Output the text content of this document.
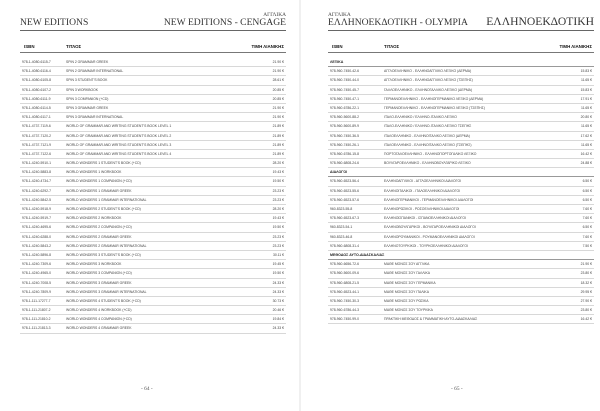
ΑΓΓΛΙΚΑ
NEW EDITIONS	NEW EDITIONS - CENGAGE
ISBN	ΤΙΤΛΟΣ	ΤΙΜΗ ΛΙΑΝΙΚΗΣ
978-1-4080-6115-7	SPIN 2 GRAMMAR GREEK	21.90 €
978-1-4080-6116-4	SPIN 2 GRAMMAR INTERNATIONAL	21.90 €
978-1-4080-6105-8	SPIN 3 STUDENT'S BOOK	28.61 €
978-1-4080-6107-2	SPIN 3 WORKBOOK	20.85 €
978-1-4080-6111-9	SPIN 3 COMPANION (+CD)	20.85 €
978-1-4080-6114-5	SPIN 3 GRAMMAR GREEK	21.90 €
978-1-4080-6117-1	SPIN 3 GRAMMAR INTERNATIONAL	21.90 €
978-1-4737-7119-6	WORLD OF GRAMMAR AND WRITING STUDENT'S BOOK LEVEL 1	21.89 €
978-1-4737-7120-2	WORLD OF GRAMMAR AND WRITING STUDENT'S BOOK LEVEL 2	21.89 €
978-1-4737-7121-9	WORLD OF GRAMMAR AND WRITING STUDENT'S BOOK LEVEL 3	21.89 €
978-1-4737-7122-6	WORLD OF GRAMMAR AND WRITING STUDENT'S BOOK LEVEL 4	21.89 €
978-1-4240-5910-1	WORLD WONDERS 1 STUDENT'S BOOK (+CD)	28.20 €
978-1-4240-5883-8	WORLD WONDERS 1 WORKBOOK	19.43 €
978-1-4240-4734-7	WORLD WONDERS 1 COMPANION (+CD)	19.50 €
978-1-4240-6292-7	WORLD WONDERS 1 GRAMMAR GREEK	23.23 €
978-1-4240-5842-5	WORLD WONDERS 1 GRAMMAR INTERNATIONAL	23.23 €
978-1-4240-5918-9	WORLD WONDERS 2 STUDENT'S BOOK (+CD)	28.20 €
978-1-4240-5919-7	WORLD WONDERS 2 WORKBOOK	19.43 €
978-1-4240-4695-6	WORLD WONDERS 2 COMPANION (+CD)	19.50 €
978-1-4240-6288-0	WORLD WONDERS 2 GRAMMAR GREEK	23.23 €
978-1-4240-5843-2	WORLD WONDERS 2 GRAMMAR INTERNATIONAL	23.23 €
978-1-4240-5896-8	WORLD WONDERS 3 STUDENT'S BOOK (+CD)	30.11 €
978-1-4240-7309-6	WORLD WONDERS 3 WORKBOOK	19.45 €
978-1-4240-4965-0	WORLD WONDERS 3 COMPANION (+CD)	19.50 €
978-1-4240-7008-5	WORLD WONDERS 3 GRAMMAR GREEK	24.33 €
978-1-4240-7809-9	WORLD WONDERS 3 GRAMMAR INTERNATIONAL	24.33 €
978-1-111-17277-7	WORLD WONDERS 4 STUDENT'S BOOK (+CD)	30.73 €
978-1-111-21807-2	WORLD WONDERS 4 WORKBOOK (+CD)	20.46 €
978-1-111-21810-2	WORLD WONDERS 4 COMPANION (+CD)	19.84 €
978-1-111-21813-3	WORLD WONDERS 4 GRAMMAR GREEK	24.33 €
- 64 -
ΑΓΓΛΙΚΑ
ΕΛΛΗΝΟΕΚΔΟΤΙΚΗ - OLYMPIA ΕΛΛΗΝΟΕΚΔΟΤΙΚΗ
ISBN	ΤΙΤΛΟΣ	ΤΙΜΗ ΛΙΑΝΙΚΗΣ
ΛΕΞΙΚΑ
978-960-7450-42-6	ΑΓΓΛΟΕΛΛΗΝΙΚΟ - ΕΛΛΗΝΟΑΓΓΛΙΚΟ ΛΕΞΙΚΟ (ΔΕΡΜΑ)	15.83 €
978-960-7450-44-0	ΑΓΓΛΟΕΛΛΗΝΙΚΟ - ΕΛΛΗΝΟΑΓΓΛΙΚΟ ΛΕΞΙΚΟ (ΤΣΕΠΗΣ)	11.65 €
978-960-7450-45-7	ΓΑΛΛΟΕΛΛΗΝΙΚΟ - ΕΛΛΗΝΟΓΑΛΛΙΚΟ ΛΕΞΙΚΟ (ΔΕΡΜΑ)	15.83 €
978-960-7450-47-1	ΓΕΡΜΑΝΟΕΛΛΗΝΙΚΟ - ΕΛΛΗΝΟΓΕΡΜΑΝΙΚΟ ΛΕΞΙΚΟ (ΔΕΡΜΑ)	17.91 €
978-960-6786-22-1	ΓΕΡΜΑΝΟΕΛΛΗΝΙΚΟ - ΕΛΛΗΝΟΓΕΡΜΑΝΙΚΟ ΛΕΞΙΚΟ (ΤΣΕΠΗΣ)	11.65 €
978-960-5600-88-2	ΙΤΑΛΟ-ΕΛΛΗΝΙΚΟ / ΕΛΛΗΝΟ-ΙΤΑΛΙΚΟ ΛΕΞΙΚΟ	20.80 €
978-960-5600-89-9	ΙΤΑΛΟ-ΕΛΛΗΝΙΚΟ / ΕΛΛΗΝΟ-ΙΤΑΛΙΚΟ ΛΕΞΙΚΟ ΤΣΕΠΗΣ	11.65 €
978-960-7450-36-5	ΙΤΑΛΟΕΛΛΗΝΙΚΟ - ΕΛΛΗΝΟΙΤΑΛΙΚΟ ΛΕΞΙΚΟ (ΔΕΡΜΑ)	17.62 €
978-960-7450-26-1	ΙΤΑΛΟΕΛΛΗΝΙΚΟ - ΕΛΛΗΝΟΙΤΑΛΙΚΟ ΛΕΞΙΚΟ (ΤΣΕΠΗΣ)	11.65 €
978-960-6786-15-8	ΠΟΡΤΟΓΑΛΟΕΛΛΗΝΙΚΟ - ΕΛΛΗΝΟΠΟΡΤΟΓΑΛΙΚΟ ΛΕΞΙΚΟ	16.42 €
978-960-6808-24-6	ΒΟΥΛΓΑΡΟΕΛΛΗΝΙΚΟ - ΕΛΛΗΝΟΒΟΥΛΓΑΡΙΚΟ ΛΕΞΙΚΟ	24.88 €
ΔΙΑΛΟΓΟΙ
978-960-6523-56-4	ΕΛΛΗΝΟΑΓΓΛΙΚΟΙ - ΑΓΓΛΟΕΛΛΗΝΙΚΟΙ ΔΙΑΛΟΓΟΙ	6.50 €
978-960-6523-55-6	ΕΛΛΗΝΟΙΤΑΛΙΚΟΙ - ΙΤΑΛΟΕΛΛΗΝΙΚΟΙ ΔΙΑΛΟΓΟΙ	6.50 €
978-960-6523-57-6	ΕΛΛΗΝΟΓΕΡΜΑΝΙΚΟΙ - ΓΕΡΜΑΝΟΕΛΛΗΝΙΚΟΙ ΔΙΑΛΟΓΟΙ	6.50 €
960-8323-55-8	ΕΛΛΗΝΟΡΩΣΙΚΟΙ - ΡΩΣΟΕΛΛΗΝΙΚΟΙ ΔΙΑΛΟΓΟΙ	7.60 €
978-960-6523-67-3	ΕΛΛΗΝΟΙΣΠΑΝΙΚΟΙ - ΙΣΠΑΝΟΕΛΛΗΝΙΚΟΙ ΔΙΑΛΟΓΟΙ	7.60 €
960-8323-54-1	ΕΛΛΗΝΟΒΟΥΛΓΑΡΙΚΟΙ - ΒΟΥΛΓΑΡΟΕΛΛΗΝΙΚΟΙ ΔΙΑΛΟΓΟΙ	6.50 €
960-8323-46-8	ΕΛΛΗΝΟΡΟΥΜΑΝΙΚΟΙ - ΡΟΥΜΑΝΟΕΛΛΗΝΙΚΟΙ ΔΙΑΛΟΓΟΙ	7.60 €
978-960-6808-31-4	ΕΛΛΗΝΟΤΟΥΡΚΙΚΟΙ - ΤΟΥΡΚΟΕΛΛΗΝΙΚΟΙ ΔΙΑΛΟΓΟΙ	7.50 €
ΜΕΘΟΔΟΣ ΑΥΤΟ-ΔΙΔΑΣΚΑΛΙΑΣ
978-960-6656-72-6	ΜΑΘΕ ΜΟΝΟΣ ΣΟΥ ΑΓΓΛΙΚΑ	21.90 €
978-960-5600-09-6	ΜΑΘΕ ΜΟΝΟΣ ΣΟΥ ΓΑΛΛΙΚΑ	23.80 €
978-960-6808-21-5	ΜΑΘΕ ΜΟΝΟΣ ΣΟΥ ΓΕΡΜΑΝΙΚΑ	18.32 €
978-960-6523-44-1	ΜΑΘΕ ΜΟΝΟΣ ΣΟΥ ΙΤΑΛΙΚΑ	29.95 €
978-960-7450-30-3	ΜΑΘΕ ΜΟΝΟΣ ΣΟΥ ΡΩΣΙΚΑ	27.90 €
978-960-6786-44-3	ΜΑΘΕ ΜΟΝΟΣ ΣΟΥ ΤΟΥΡΚΙΚΑ	23.80 €
978-960-7450-99-0	ΠΡΑΚΤΙΚΗ ΜΕΘΟΔΟΣ & ΓΡΑΜΜΑΤΙΚΗ ΑΥΤΟ-ΔΙΔΑΣΚΑΛΙΑΣ	16.42 €
- 65 -
